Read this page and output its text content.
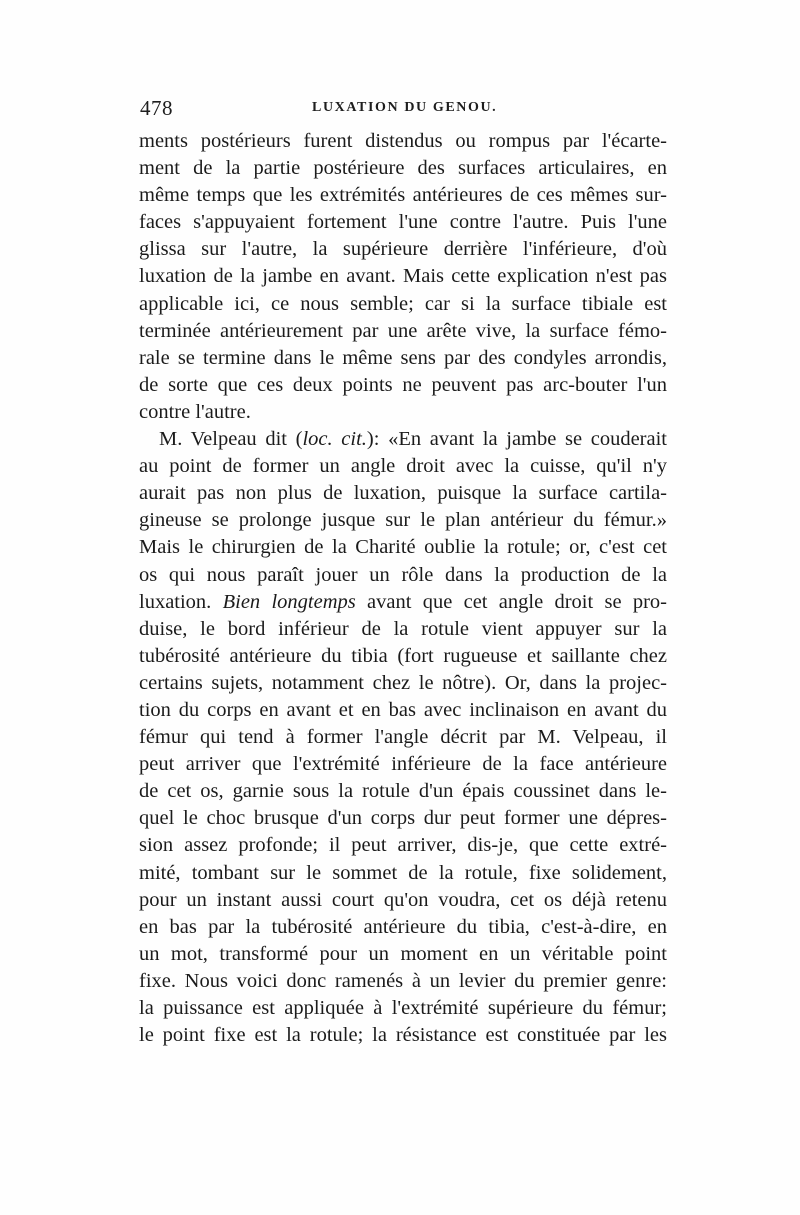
478	LUXATION DU GENOU.
ments postérieurs furent distendus ou rompus par l'écarte-
ment de la partie postérieure des surfaces articulaires, en
même temps que les extrémités antérieures de ces mêmes sur-
faces s'appuyaient fortement l'une contre l'autre. Puis l'une
glissa sur l'autre, la supérieure derrière l'inférieure, d'où
luxation de la jambe en avant. Mais cette explication n'est pas
applicable ici, ce nous semble; car si la surface tibiale est
terminée antérieurement par une arête vive, la surface fémo-
rale se termine dans le même sens par des condyles arrondis,
de sorte que ces deux points ne peuvent pas arc-bouter l'un
contre l'autre.
M. Velpeau dit (loc. cit.): «En avant la jambe se couderait
au point de former un angle droit avec la cuisse, qu'il n'y
aurait pas non plus de luxation, puisque la surface cartila-
gineuse se prolonge jusque sur le plan antérieur du fémur.»
Mais le chirurgien de la Charité oublie la rotule; or, c'est cet
os qui nous paraît jouer un rôle dans la production de la
luxation. Bien longtemps avant que cet angle droit se pro-
duise, le bord inférieur de la rotule vient appuyer sur la
tubérosité antérieure du tibia (fort rugueuse et saillante chez
certains sujets, notamment chez le nôtre). Or, dans la projec-
tion du corps en avant et en bas avec inclinaison en avant du
fémur qui tend à former l'angle décrit par M. Velpeau, il
peut arriver que l'extrémité inférieure de la face antérieure
de cet os, garnie sous la rotule d'un épais coussinet dans le-
quel le choc brusque d'un corps dur peut former une dépres-
sion assez profonde; il peut arriver, dis-je, que cette extré-
mité, tombant sur le sommet de la rotule, fixe solidement,
pour un instant aussi court qu'on voudra, cet os déjà retenu
en bas par la tubérosité antérieure du tibia, c'est-à-dire, en
un mot, transformé pour un moment en un véritable point
fixe. Nous voici donc ramenés à un levier du premier genre:
la puissance est appliquée à l'extrémité supérieure du fémur;
le point fixe est la rotule; la résistance est constituée par les
